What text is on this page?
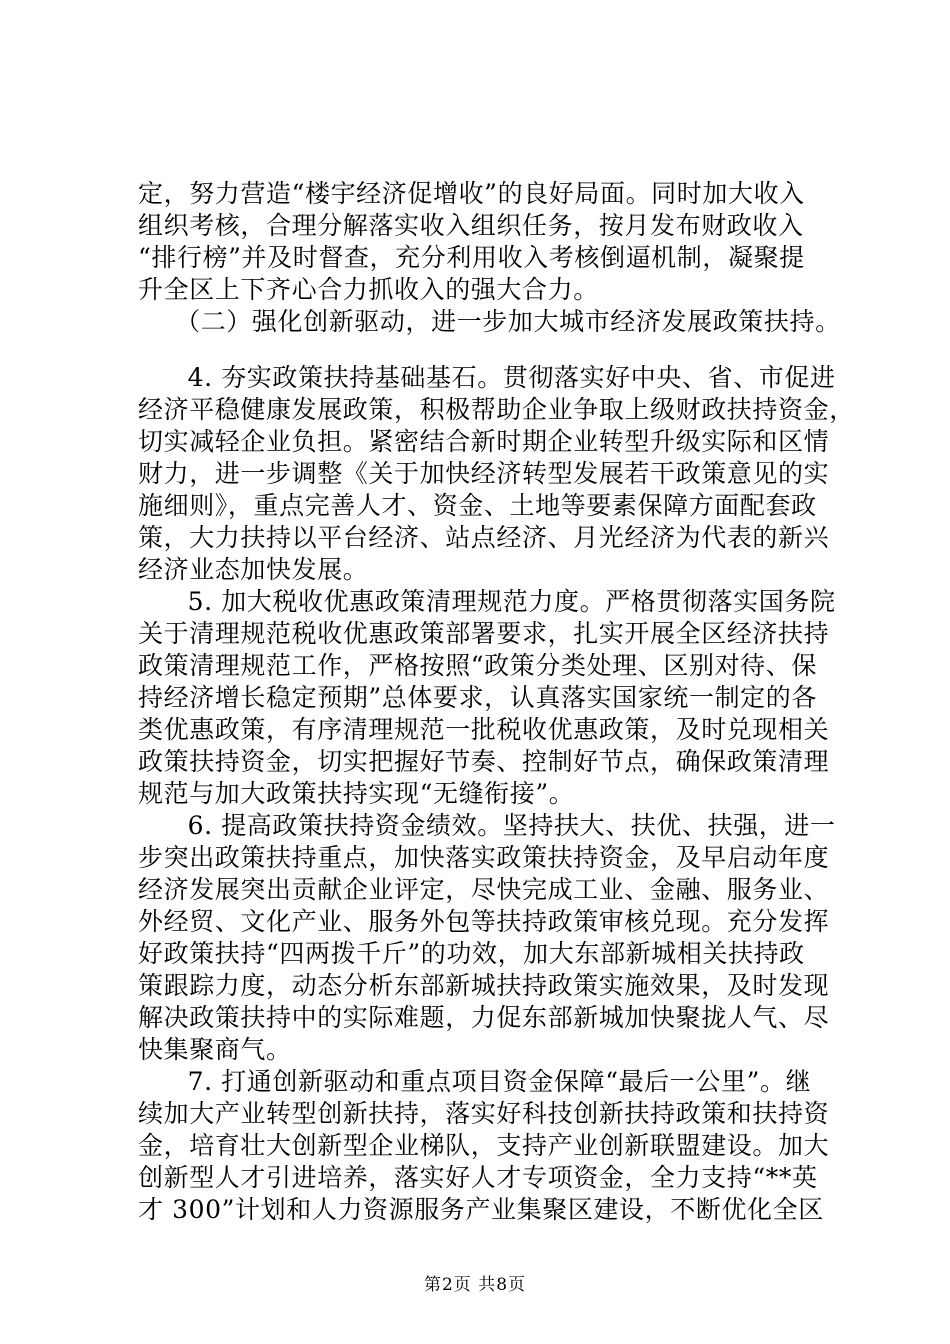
定，努力营造“楼宇经济促增收”的良好局面。同时加大收入
组织考核，合理分解落实收入组织任务，按月发布财政收入
“排行榜”并及时督查，充分利用收入考核倒逼机制，凝聚提
升全区上下齐心合力抓收入的强大合力。
　（二）强化创新驱动，进一步加大城市经济发展政策扶持。
　4. 夯实政策扶持基础基石。贯彻落实好中央、省、市促进
经济平稳健康发展政策，积极帮助企业争取上级财政扶持资金，
切实减轻企业负担。紧密结合新时期企业转型升级实际和区情
财力，进一步调整《关于加快经济转型发展若干政策意见的实
施细则》，重点完善人才、资金、土地等要素保障方面配套政
策，大力扶持以平台经济、站点经济、月光经济为代表的新兴
经济业态加快发展。
　5. 加大税收优惠政策清理规范力度。严格贯彻落实国务院
关于清理规范税收优惠政策部署要求，扎实开展全区经济扶持
政策清理规范工作，严格按照“政策分类处理、区别对待、保
持经济增长稳定预期”总体要求，认真落实国家统一制定的各
类优惠政策，有序清理规范一批税收优惠政策，及时兑现相关
政策扶持资金，切实把握好节奏、控制好节点，确保政策清理
规范与加大政策扶持实现“无缝衔接”。
　6. 提高政策扶持资金绩效。坚持扶大、扶优、扶强，进一
步突出政策扶持重点，加快落实政策扶持资金，及早启动年度
经济发展突出贡献企业评定，尽快完成工业、金融、服务业、
外经贸、文化产业、服务外包等扶持政策审核兑现。充分发挥
好政策扶持“四两拨千斤”的功效，加大东部新城相关扶持政
策跟踪力度，动态分析东部新城扶持政策实施效果，及时发现
解决政策扶持中的实际难题，力促东部新城加快聚拢人气、尽
快集聚商气。
　7. 打通创新驱动和重点项目资金保障“最后一公里”。继
续加大产业转型创新扶持，落实好科技创新扶持政策和扶持资
金，培育壮大创新型企业梯队，支持产业创新联盟建设。加大
创新型人才引进培养，落实好人才专项资金，全力支持“**英
才 300”计划和人力资源服务产业集聚区建设，不断优化全区
第2页 共8页
